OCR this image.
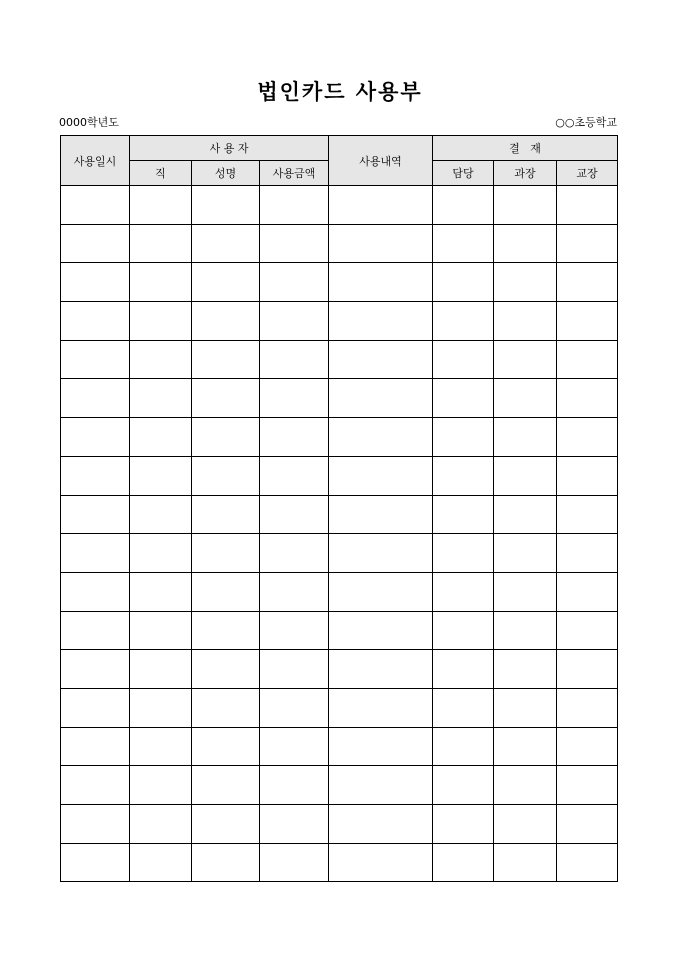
법인카드 사용부
0000학년도	○○초등학교
사용일시	사 용 자			사용내역	결   재		
	직	성명	사용금액		담당	과장	교장
